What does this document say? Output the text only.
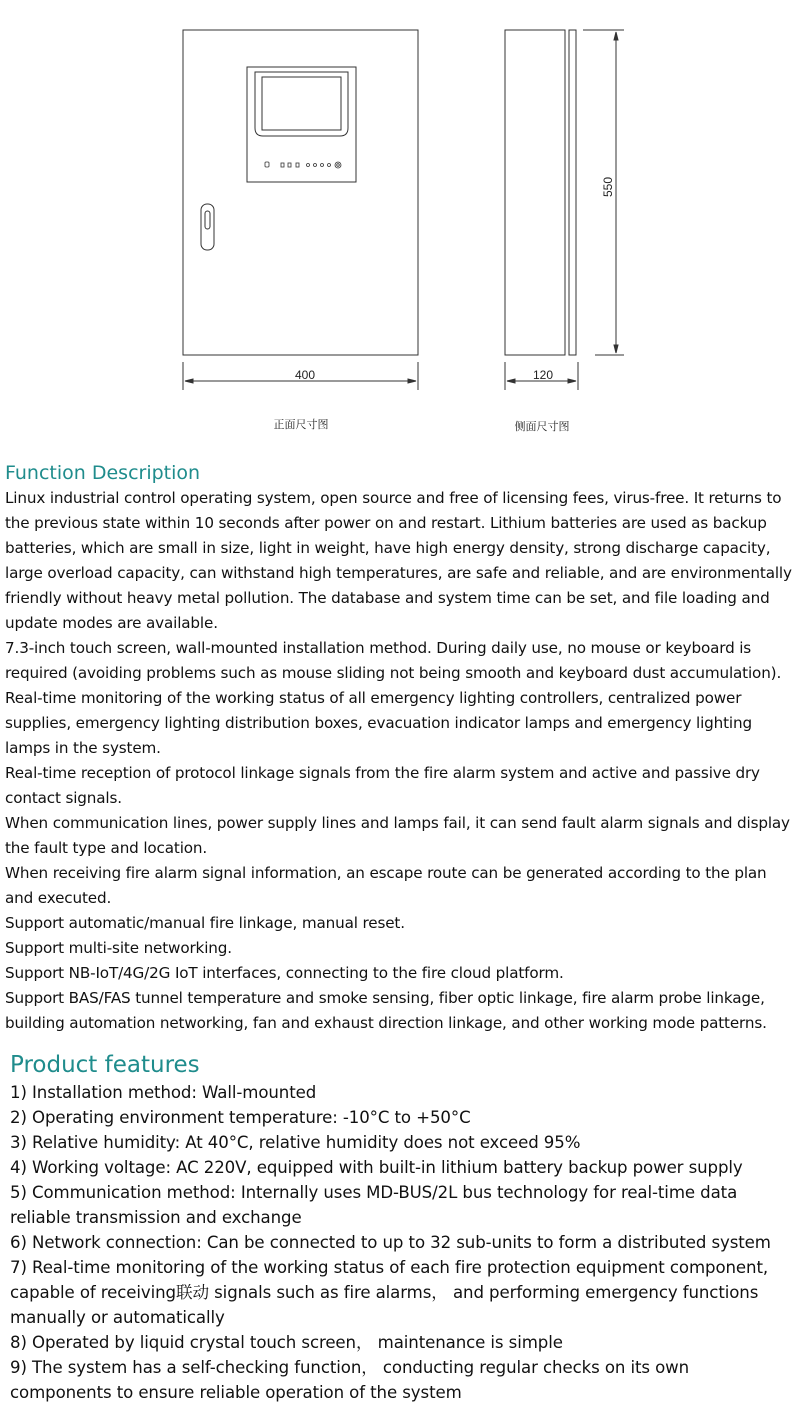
400
正面尺寸图
120
550
侧面尺寸图
Function Description

Linux industrial control operating system, open source and free of licensing fees, virus-free. It returns to the previous state within 10 seconds after power on and restart. Lithium batteries are used as backup batteries, which are small in size, light in weight, have high energy density, strong discharge capacity, large overload capacity, can withstand high temperatures, are safe and reliable, and are environmentally friendly without heavy metal pollution. The database and system time can be set, and file loading and update modes are available.

7.3-inch touch screen, wall-mounted installation method. During daily use, no mouse or keyboard is required (avoiding problems such as mouse sliding not being smooth and keyboard dust accumulation).

Real-time monitoring of the working status of all emergency lighting controllers, centralized power supplies, emergency lighting distribution boxes, evacuation indicator lamps and emergency lighting lamps in the system.

Real-time reception of protocol linkage signals from the fire alarm system and active and passive dry contact signals.

When communication lines, power supply lines and lamps fail, it can send fault alarm signals and display the fault type and location.

When receiving fire alarm signal information, an escape route can be generated according to the plan and executed.

Support automatic/manual fire linkage, manual reset.

Support multi-site networking.

Support NB-IoT/4G/2G IoT interfaces, connecting to the fire cloud platform.

Support BAS/FAS tunnel temperature and smoke sensing, fiber optic linkage, fire alarm probe linkage, building automation networking, fan and exhaust direction linkage, and other working mode patterns.

Product features

1) Installation method: Wall-mounted

2) Operating environment temperature: -10°C to +50°C

3) Relative humidity: At 40°C, relative humidity does not exceed 95%

4) Working voltage: AC 220V, equipped with built-in lithium battery backup power supply

5) Communication method: Internally uses MD-BUS/2L bus technology for real-time data reliable transmission and exchange

6) Network connection: Can be connected to up to 32 sub-units to form a distributed system

7) Real-time monitoring of the working status of each fire protection equipment component, capable of receiving联动 signals such as fire alarms， and performing emergency functions manually or automatically

8) Operated by liquid crystal touch screen， maintenance is simple

9) The system has a self-checking function， conducting regular checks on its own components to ensure reliable operation of the system
